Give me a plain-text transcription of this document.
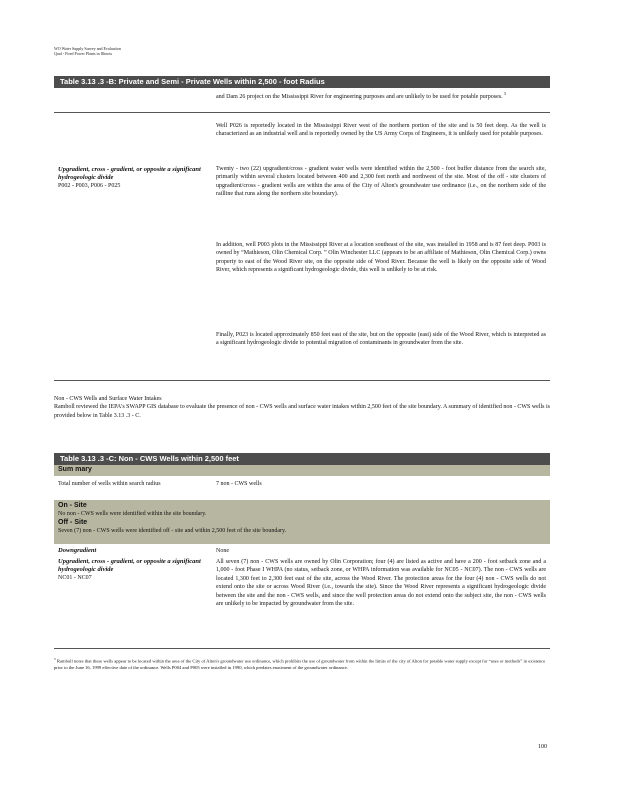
WO Water Supply Survey and Evaluation
Qual - Fired Power Plants in Illinois
Table 3.13 .3 -B: Private and Semi - Private Wells within 2,500 - foot Radius
and Dam 26 project on the Mississippi River for engineering purposes and are unlikely to be used for potable purposes. $^5$
Upgradient, cross - gradient, or opposite a significant hydrogeologic divide
P002 - P003, P006 - P025
Well P026 is reportedly located in the Mississippi River west of the northern portion of the site and is 50 feet deep. As the well is characterized as an industrial well and is reportedly owned by the US Army Corps of Engineers, it is unlikely used for potable purposes.
Twenty - two (22) upgradient/cross - gradient water wells were identified within the 2,500 - foot buffer distance from the search site, primarily within several clusters located between 400 and 2,300 feet north and northwest of the site. Most of the off - site clusters of upgradient/cross - gradient wells are within the area of the City of Alton's groundwater use ordinance (i.e., on the northern side of the railline that runs along the northern site boundary).
In addition, well P003 plots in the Mississippi River at a location southeast of the site, was installed in 1958 and is 87 feet deep. P003 is owned by “Mathieson, Olin Chemical Corp. ” Olin Winchester LLC (appears to be an affiliate of Mathieson, Olin Chemical Corp.) owns property to east of the Wood River site, on the opposite side of Wood River. Because the well is likely on the opposite side of Wood River, which represents a significant hydrogeologic divide, this well is unlikely to be at risk.
Finally, P023 is located approximately 850 feet east of the site, but on the opposite (east) side of the Wood River, which is interpreted as a significant hydrogeologic divide to potential migration of contaminants in groundwater from the site.
Non - CWS Wells and Surface Water Intakes
Ramboll reviewed the IEPA's SWAPP GIS database to evaluate the presence of non - CWS wells and surface water intakes within 2,500 feet of the site boundary. A summary of identified non - CWS wells is provided below in Table 3.13 .3 - C.
Table 3.13 .3 -C: Non - CWS Wells within 2,500 feet
Sum mary
Total number of wells within search radius	7 non - CWS wells
On - Site
No non - CWS wells were identified within the site boundary.
Off - Site
Seven (7) non - CWS wells were identified off - site and within 2,500 feet of the site boundary.
Downgradient	None
Upgradient, cross - gradient, or opposite a significant hydrogeologic divide
NC01 - NC07
All seven (7) non - CWS wells are owned by Olin Corporation; four (4) are listed as active and have a 200 - foot setback zone and a 1,000 - foot Phase I WHPA (no status, setback zone, or WHPA information was available for NC05 - NC07). The non - CWS wells are located 1,300 feet to 2,300 feet east of the site, across the Wood River. The protection areas for the four (4) non - CWS wells do not extend onto the site or across Wood River (i.e., towards the site). Since the Wood River represents a significant hydrogeologic divide between the site and the non - CWS wells, and since the well protection areas do not extend onto the subject site, the non - CWS wells are unlikely to be impacted by groundwater from the site.
$^5$ Ramboll notes that these wells appear to be located within the area of the City of Alton's groundwater use ordinance, which prohibits the use of groundwater from within the limits of the city of Alton for potable water supply except for “uses or methods” in existence prior to the June 16, 1999 effective date of the ordinance. Wells P004 and P005 were installed in 1990, which predates enactment of the groundwater ordinance.
100
